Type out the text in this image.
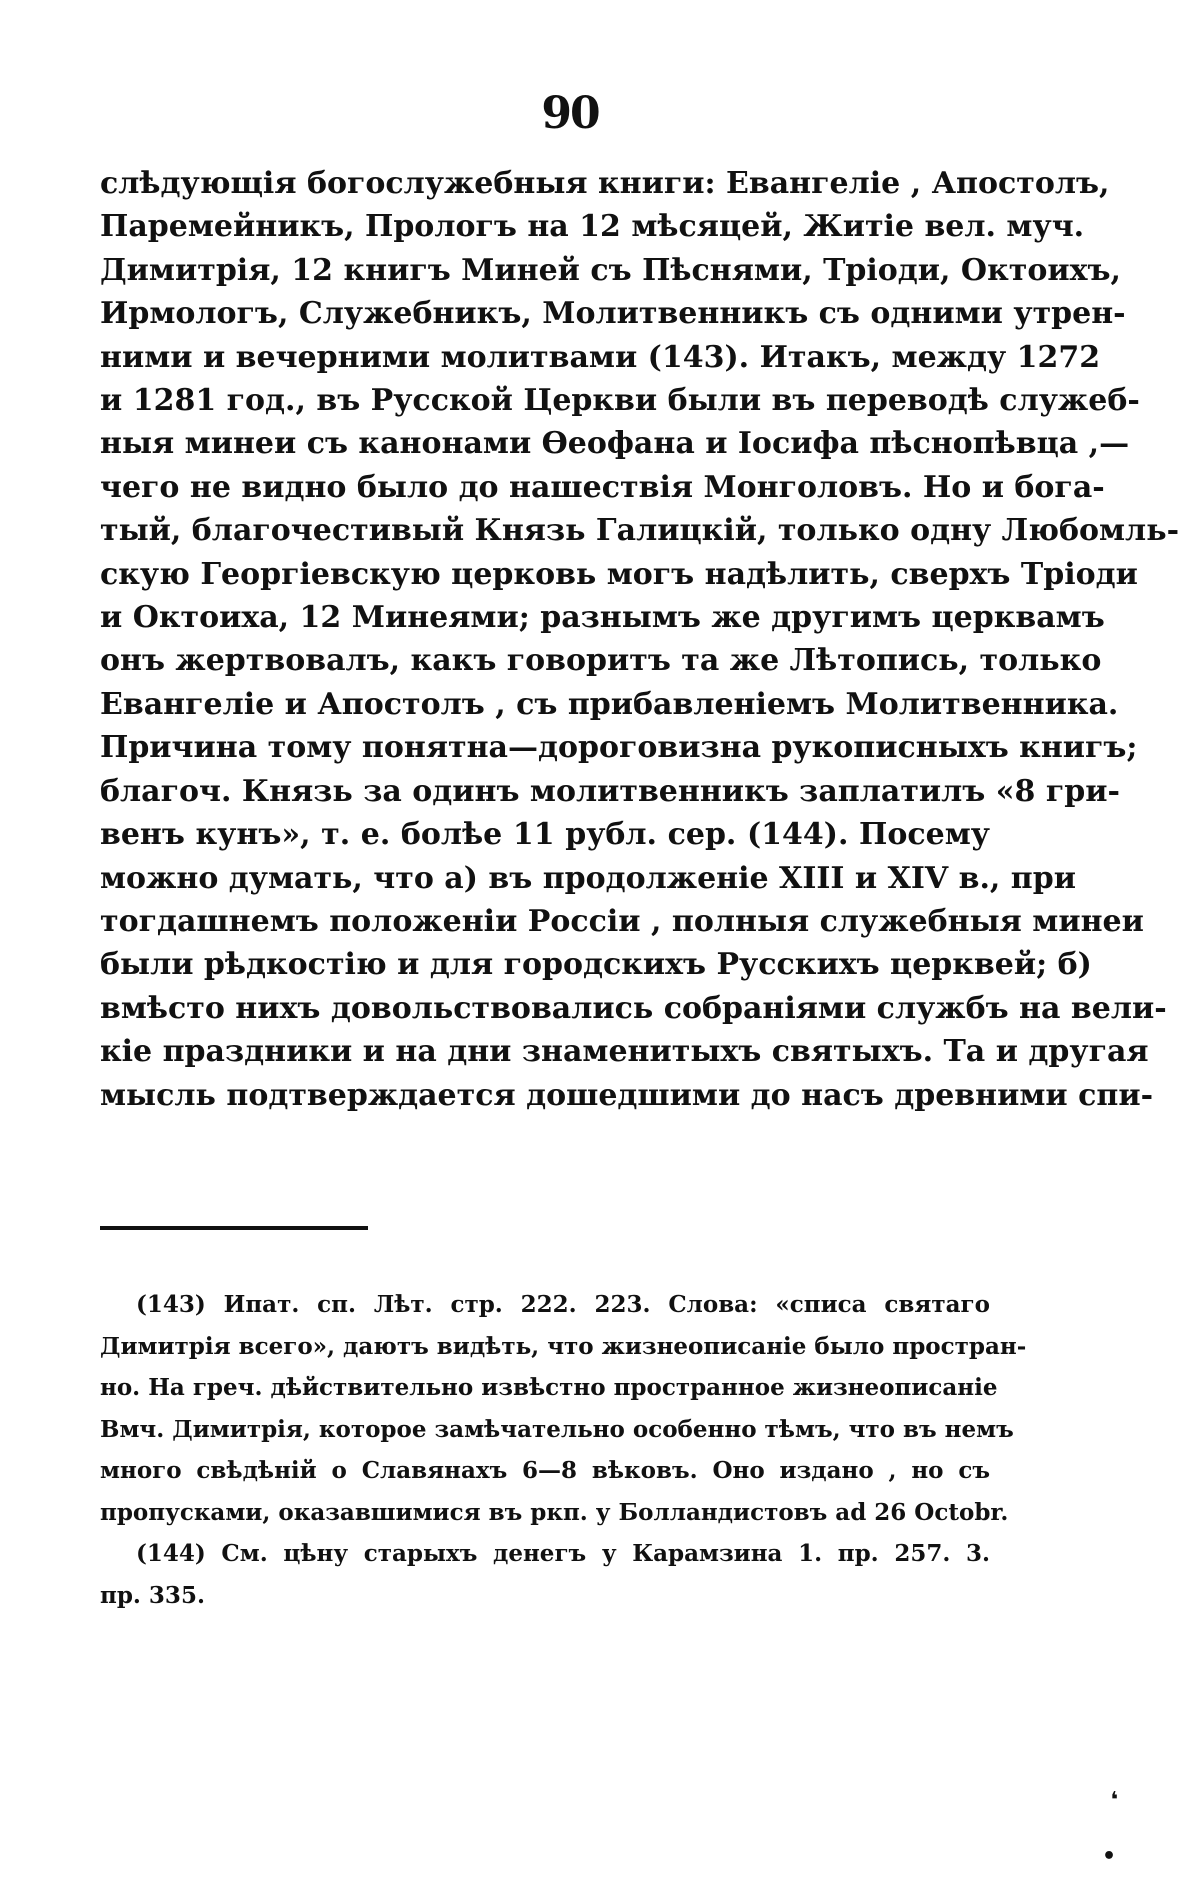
90
слѣдующія богослужебныя книги: Евангеліе , Апостолъ,
Паремейникъ, Прологъ на 12 мѣсяцей, Житіе вел. муч.
Димитрія, 12 книгъ Миней съ Пѣснями, Тріоди, Октоихъ,
Ирмологъ, Служебникъ, Молитвенникъ съ одними утрен-
ними и вечерними молитвами (143). Итакъ, между 1272
и 1281 год., въ Русской Церкви были въ переводѣ служеб-
ныя минеи съ канонами Ѳеофана и Іосифа пѣснопѣвца ,—
чего не видно было до нашествія Монголовъ. Но и бога-
тый, благочестивый Князь Галицкій, только одну Любомль-
скую Георгіевскую церковь могъ надѣлить, сверхъ Тріоди
и Октоиха, 12 Минеями; разнымъ же другимъ церквамъ
онъ жертвовалъ, какъ говоритъ та же Лѣтопись, только
Евангеліе и Апостолъ , съ прибавленіемъ Молитвенника.
Причина тому понятна—дороговизна рукописныхъ книгъ;
благоч. Князь за одинъ молитвенникъ заплатилъ «8 гри-
венъ кунъ», т. е. болѣе 11 рубл. сер. (144). Посему
можно думать, что а) въ продолженіе XIII и XIV в., при
тогдашнемъ положеніи Россіи , полныя служебныя минеи
были рѣдкостію и для городскихъ Русскихъ церквей; б)
вмѣсто нихъ довольствовались собраніями службъ на вели-
кіе праздники и на дни знаменитыхъ святыхъ. Та и другая
мысль подтверждается дошедшими до насъ древними спи-
(143) Ипат. сп. Лѣт. стр. 222. 223. Слова: «списа святаго
Димитрія всего», даютъ видѣть, что жизнеописаніе было простран-
но. На греч. дѣйствительно извѣстно пространное жизнеописаніе
Вмч. Димитрія, которое замѣчательно особенно тѣмъ, что въ немъ
много свѣдѣній о Славянахъ 6—8 вѣковъ. Оно издано , но съ
пропусками, оказавшимися въ ркп. у Болландистовъ ad 26 Octobr.
(144) См. цѣну старыхъ денегъ у Карамзина 1. пр. 257. 3.
пр. 335.
❛
•
